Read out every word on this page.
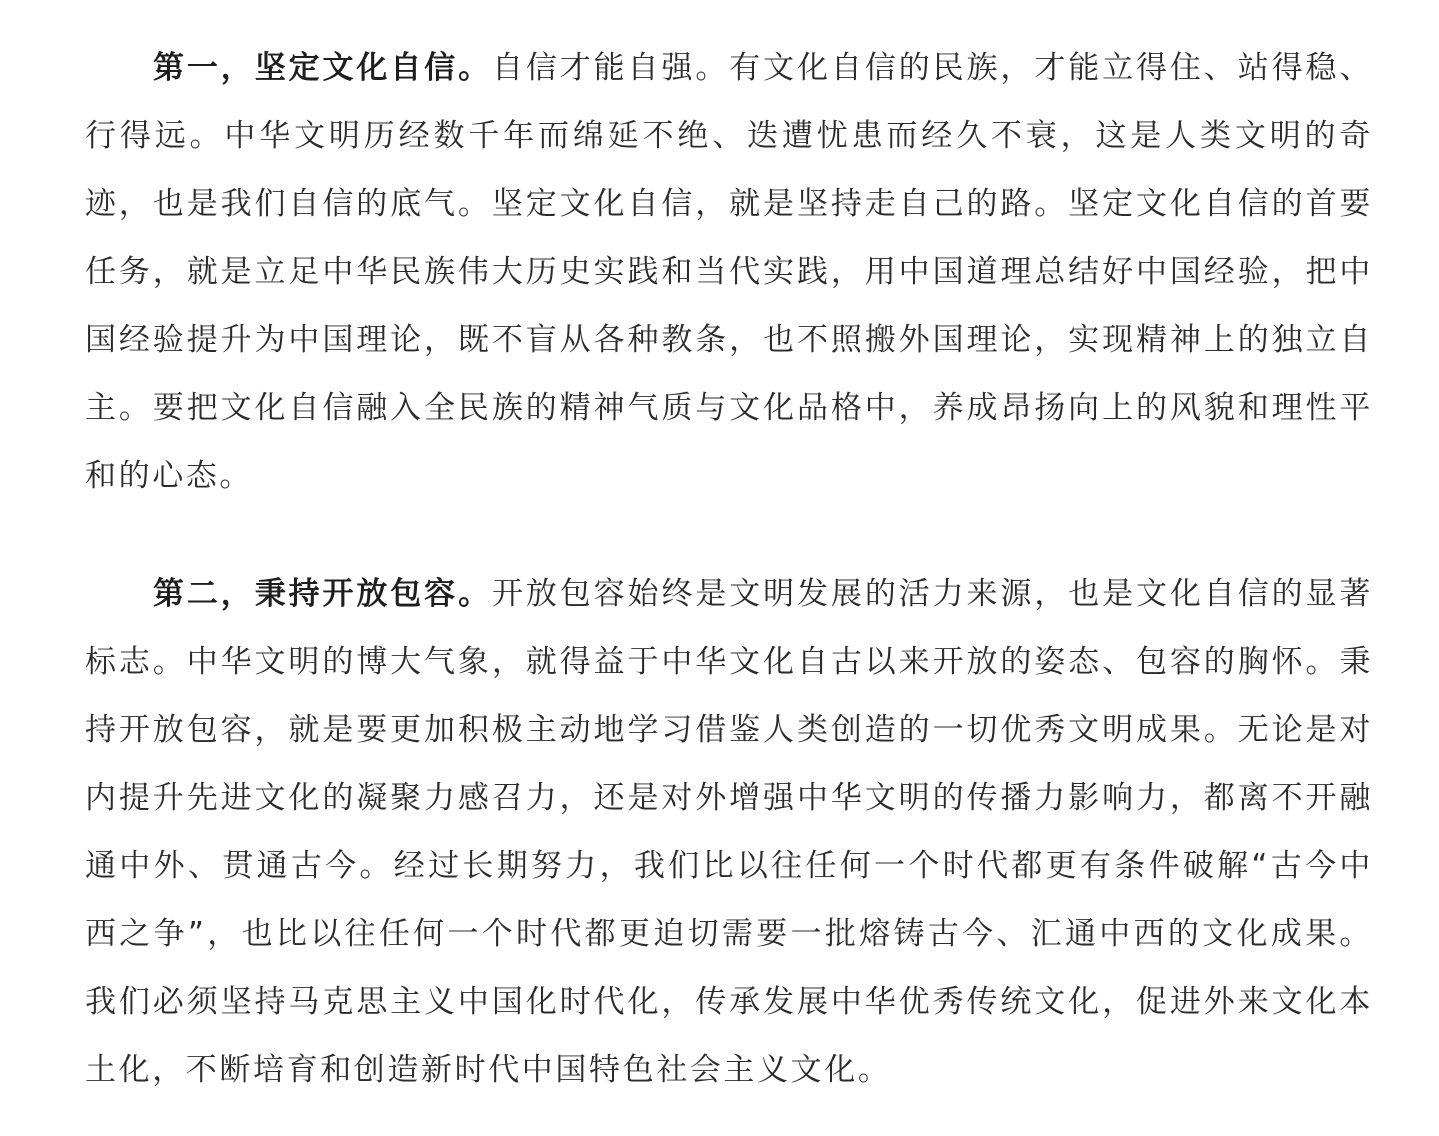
第一，坚定文化自信。自信才能自强。有文化自信的民族，才能立得住、站得稳、行得远。中华文明历经数千年而绵延不绝、迭遭忧患而经久不衰，这是人类文明的奇迹，也是我们自信的底气。坚定文化自信，就是坚持走自己的路。坚定文化自信的首要任务，就是立足中华民族伟大历史实践和当代实践，用中国道理总结好中国经验，把中国经验提升为中国理论，既不盲从各种教条，也不照搬外国理论，实现精神上的独立自主。要把文化自信融入全民族的精神气质与文化品格中，养成昂扬向上的风貌和理性平和的心态。

第二，秉持开放包容。开放包容始终是文明发展的活力来源，也是文化自信的显著标志。中华文明的博大气象，就得益于中华文化自古以来开放的姿态、包容的胸怀。秉持开放包容，就是要更加积极主动地学习借鉴人类创造的一切优秀文明成果。无论是对内提升先进文化的凝聚力感召力，还是对外增强中华文明的传播力影响力，都离不开融通中外、贯通古今。经过长期努力，我们比以往任何一个时代都更有条件破解“古今中西之争”，也比以往任何一个时代都更迫切需要一批熔铸古今、汇通中西的文化成果。我们必须坚持马克思主义中国化时代化，传承发展中华优秀传统文化，促进外来文化本土化，不断培育和创造新时代中国特色社会主义文化。
